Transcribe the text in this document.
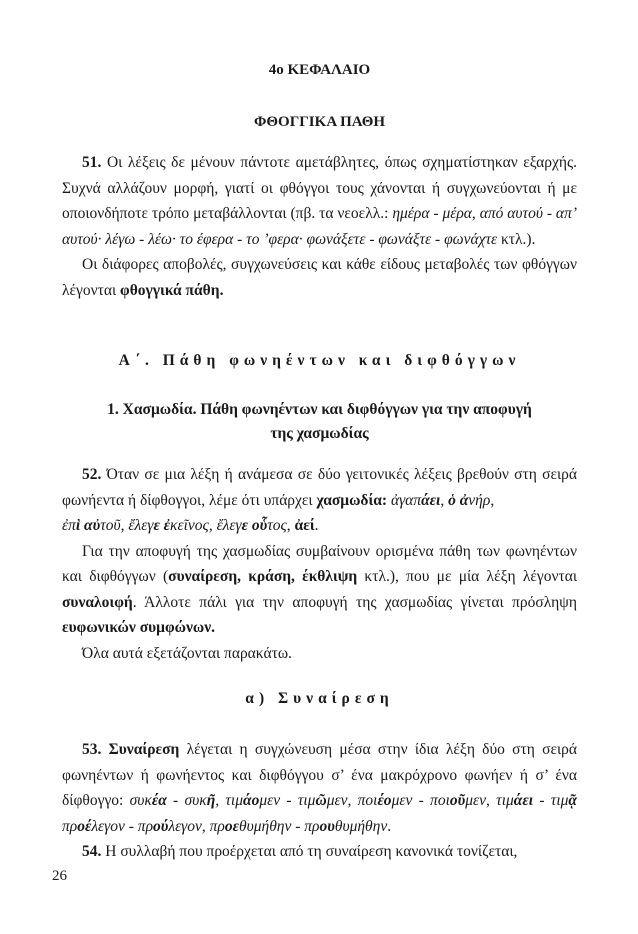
4ο ΚΕΦΑΛΑΙΟ
ΦΘΟΓΓΙΚΑ ΠΑΘΗ

51. Οι λέξεις δε μένουν πάντοτε αμετάβλητες, όπως σχηματίστηκαν εξαρχής. Συχνά αλλάζουν μορφή, γιατί οι φθόγγοι τους χάνονται ή συγχωνεύονται ή με οποιονδήποτε τρόπο μεταβάλλονται (πβ. τα νεοελλ.: ημέρα - μέρα, από αυτού - απ’ αυτού· λέγω - λέω· το έφερα - το ’φερα· φωνάξετε - φωνάξτε - φωνάχτε κτλ.).

Οι διάφορες αποβολές, συγχωνεύσεις και κάθε είδους μεταβολές των φθόγγων λέγονται φθογγικά πάθη.

Α΄. Πάθη φωνηέντων και διφθόγγων
1. Χασμωδία. Πάθη φωνηέντων και διφθόγγων για την αποφυγή
της χασμωδίας

52. Όταν σε μια λέξη ή ανάμεσα σε δύο γειτονικές λέξεις βρεθούν στη σειρά φωνήεντα ή δίφθογγοι, λέμε ότι υπάρχει χασμωδία: ἀγαπάει, ὁ ἀνήρ,
ἐπὶ αὐτοῦ, ἔλεγε ἐκεῖνος, ἔλεγε οὗτος, ἀεί.

Για την αποφυγή της χασμωδίας συμβαίνουν ορισμένα πάθη των φωνηέντων και διφθόγγων (συναίρεση, κράση, έκθλιψη κτλ.), που με μία λέξη λέγονται συναλοιφή. Άλλοτε πάλι για την αποφυγή της χασμωδίας γίνεται πρόσληψη ευφωνικών συμφώνων.

Όλα αυτά εξετάζονται παρακάτω.

α) Συναίρεση

53. Συναίρεση λέγεται η συγχώνευση μέσα στην ίδια λέξη δύο στη σειρά φωνηέντων ή φωνήεντος και διφθόγγου σ’ ένα μακρόχρονο φωνήεν ή σ’ ένα δίφθογγο: συκέα - συκῆ, τιμάομεν - τιμῶμεν, ποιέομεν - ποιοῦμεν, τιμάει - τιμᾷ προέλεγον - προύλεγον, προεθυμήθην - προυθυμήθην.

54. Η συλλαβή που προέρχεται από τη συναίρεση κανονικά τονίζεται,

26
